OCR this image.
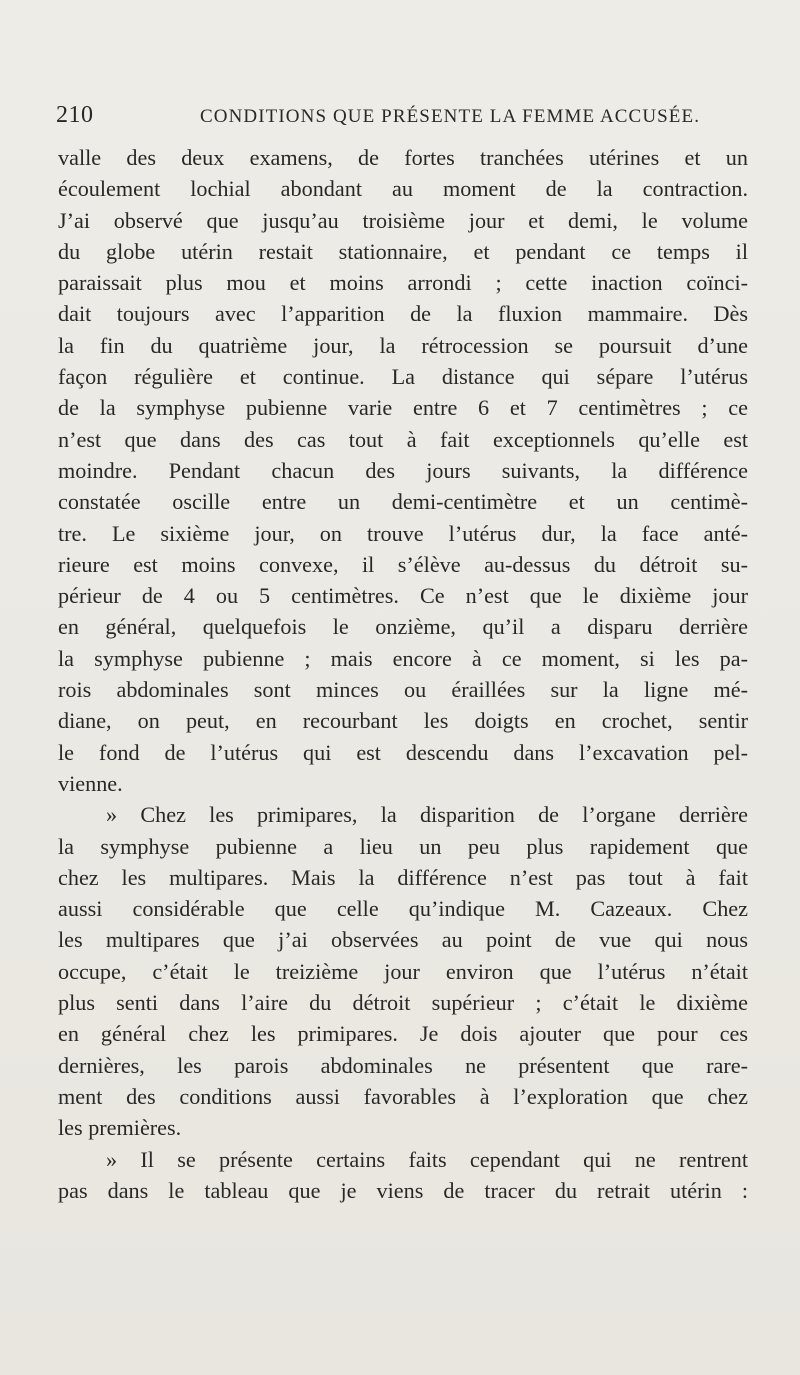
210	CONDITIONS QUE PRÉSENTE LA FEMME ACCUSÉE.
valle des deux examens, de fortes tranchées utérines et un
écoulement lochial abondant au moment de la contraction.
J’ai observé que jusqu’au troisième jour et demi, le volume
du globe utérin restait stationnaire, et pendant ce temps il
paraissait plus mou et moins arrondi ; cette inaction coïnci-
dait toujours avec l’apparition de la fluxion mammaire. Dès
la fin du quatrième jour, la rétrocession se poursuit d’une
façon régulière et continue. La distance qui sépare l’utérus
de la symphyse pubienne varie entre 6 et 7 centimètres ; ce
n’est que dans des cas tout à fait exceptionnels qu’elle est
moindre. Pendant chacun des jours suivants, la différence
constatée oscille entre un demi-centimètre et un centimè-
tre. Le sixième jour, on trouve l’utérus dur, la face anté-
rieure est moins convexe, il s’élève au-dessus du détroit su-
périeur de 4 ou 5 centimètres. Ce n’est que le dixième jour
en général, quelquefois le onzième, qu’il a disparu derrière
la symphyse pubienne ; mais encore à ce moment, si les pa-
rois abdominales sont minces ou éraillées sur la ligne mé-
diane, on peut, en recourbant les doigts en crochet, sentir
le fond de l’utérus qui est descendu dans l’excavation pel-
vienne.
» Chez les primipares, la disparition de l’organe derrière
la symphyse pubienne a lieu un peu plus rapidement que
chez les multipares. Mais la différence n’est pas tout à fait
aussi considérable que celle qu’indique M. Cazeaux. Chez
les multipares que j’ai observées au point de vue qui nous
occupe, c’était le treizième jour environ que l’utérus n’était
plus senti dans l’aire du détroit supérieur ; c’était le dixième
en général chez les primipares. Je dois ajouter que pour ces
dernières, les parois abdominales ne présentent que rare-
ment des conditions aussi favorables à l’exploration que chez
les premières.
» Il se présente certains faits cependant qui ne rentrent
pas dans le tableau que je viens de tracer du retrait utérin :
